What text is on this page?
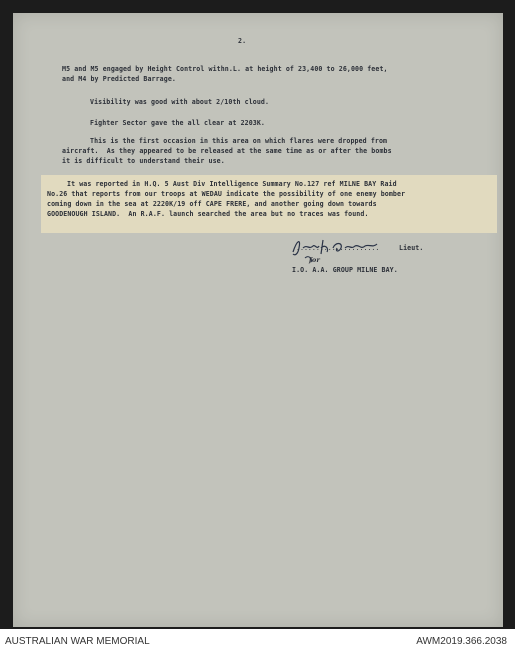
2.
M5 and M5 engaged by Height Control withn.L. at height of 23,400 to 26,000 feet,
and M4 by Predicted Barrage.
Visibility was good with about 2/10th cloud.
Fighter Sector gave the all clear at 2203K.
This is the first occasion in this area on which flares were dropped from
aircraft.  As they appeared to be released at the same time as or after the bombs
it is difficult to understand their use.
It was reported in H.Q. 5 Aust Div Intelligence Summary No.127 ref MILNE BAY Raid
No.26 that reports from our troops at WEDAU indicate the possibility of one enemy bomber
coming down in the sea at 2220K/19 off CAPE FRERE, and another going down towards
GOODENOUGH ISLAND.  An R.A.F. launch searched the area but no traces was found.
.....................	Lieut.
for
I.O. A.A. GROUP MILNE BAY.
AUSTRALIAN WAR MEMORIAL	AWM2019.366.2038
